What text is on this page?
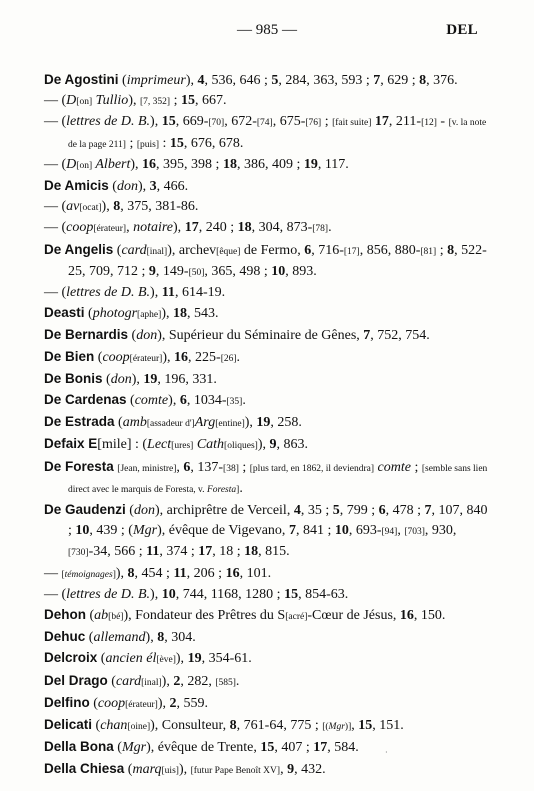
— 985 —	DEL

De Agostini (imprimeur), 4, 536, 646 ; 5, 284, 363, 593 ; 7, 629 ; 8, 376.

— (D[on] Tullio), [7, 352] ; 15, 667.

— (lettres de D. B.), 15, 669-[70], 672-[74], 675-[76] ; [fait suite] 17, 211-[12] - [v. la note de la page 211] ; [puis] : 15, 676, 678.

— (D[on] Albert), 16, 395, 398 ; 18, 386, 409 ; 19, 117.

De Amicis (don), 3, 466.

— (av[ocat]), 8, 375, 381-86.

— (coop[érateur], notaire), 17, 240 ; 18, 304, 873-[78].

De Angelis (card[inal]), archev[êque] de Fermo, 6, 716-[17], 856, 880-[81] ; 8, 522-25, 709, 712 ; 9, 149-[50], 365, 498 ; 10, 893.

— (lettres de D. B.), 11, 614-19.

Deasti (photogr[aphe]), 18, 543.

De Bernardis (don), Supérieur du Séminaire de Gênes, 7, 752, 754.

De Bien (coop[érateur]), 16, 225-[26].

De Bonis (don), 19, 196, 331.

De Cardenas (comte), 6, 1034-[35].

De Estrada (amb[assadeur d']Arg[entine]), 19, 258.

Defaix E[mile] : (Lect[ures] Cath[oliques]), 9, 863.

De Foresta [Jean, ministre], 6, 137-[38] ; [plus tard, en 1862, il deviendra] comte ; [semble sans lien direct avec le marquis de Foresta, v. Foresta].

De Gaudenzi (don), archiprêtre de Verceil, 4, 35 ; 5, 799 ; 6, 478 ; 7, 107, 840 ; 10, 439 ; (Mgr), évêque de Vigevano, 7, 841 ; 10, 693-[94], [703], 930, [730]-34, 566 ; 11, 374 ; 17, 18 ; 18, 815.

— [témoignages]), 8, 454 ; 11, 206 ; 16, 101.

— (lettres de D. B.), 10, 744, 1168, 1280 ; 15, 854-63.

Dehon (ab[bé]), Fondateur des Prêtres du S[acré]-Cœur de Jésus, 16, 150.

Dehuc (allemand), 8, 304.

Delcroix (ancien él[ève]), 19, 354-61.

Del Drago (card[inal]), 2, 282, [585].

Delfino (coop[érateur]), 2, 559.

Delicati (chan[oine]), Consulteur, 8, 761-64, 775 ; [(Mgr)], 15, 151.

Della Bona (Mgr), évêque de Trente, 15, 407 ; 17, 584.

Della Chiesa (marq[uis]), [futur Pape Benoît XV], 9, 432.

·
